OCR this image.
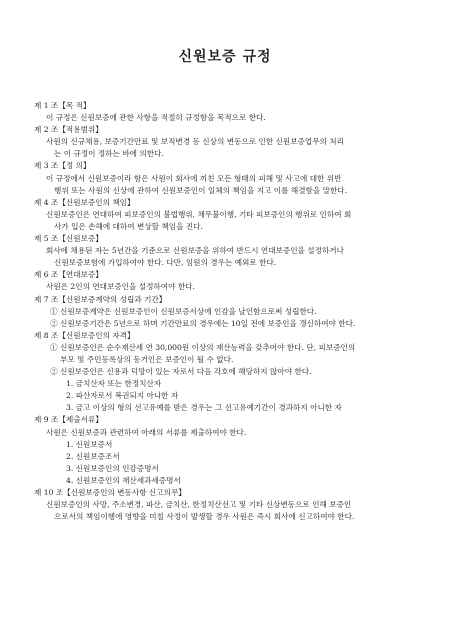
신원보증 규정
제 1 조【목 적】
이 규정은 신원보증에 관한 사항을 적절히 규정함을 목적으로 한다.
제 2 조【적용범위】
사원의 신규채용, 보증기간만료 및 보직변경 등 신상의 변동으로 인한 신원보증업무의 처리
는 이 규정이 정하는 바에 의한다.
제 3 조【정 의】
이 규정에서 신원보증이라 함은 사원이 회사에 끼친 모든 형태의 피해 및 사고에 대한 위반
행위 또는 사원의 신상에 관하여 신원보증인이 일체의 책임을 지고 이를 해결함을 말한다.
제 4 조【신원보증인의 책임】
신원보증인은 연대하여 피보증인의 불법행위, 채무불이행, 기타 피보증인의 행위로 인하여 회
사가 입은 손해에 대하여 변상할 책임을 진다.
제 5 조【신원보증】
회사에 채용된 자는 5년간을 기준으로 신원보증을 위하여 반드시 연대보증인을 설정하거나
신원보증보험에 가입하여야 한다. 다만, 임원의 경우는 예외로 한다.
제 6 조【연대보증】
사원은 2인의 연대보증인을 설정하여야 한다.
제 7 조【신원보증계약의 성립과 기간】
① 신원보증계약은 신원보증인이 신원보증서상에 인감을 날인함으로써 성립한다.
② 신원보증기간은 5년으로 하며 기간만료의 경우에는 10일 전에 보증인을 갱신하여야 한다.
제 8 조【신원보증인의 자격】
① 신원보증인은 순수재산세 연 30,000원 이상의 재산능력을 갖추어야 한다. 단, 피보증인의
부모 및 주민등록상의 동거인은 보증인이 될 수 없다.
② 신원보증인은 신용과 덕망이 있는 자로서 다음 각호에 해당하지 않아야 한다.
1. 금치산자 또는 한정치산자
2. 파산자로서 복권되지 아니한 자
3. 금고 이상의 형의 선고유예를 받은 경우는 그 선고유예기간이 경과하지 아니한 자
제 9 조【제출서류】
사원은 신원보증과 관련하여 아래의 서류를 제출하여야 한다.
1. 신원보증서
2. 신원보증조서
3. 신원보증인의 인감증명서
4. 신원보증인의 재산세과세증명서
제 10 조【신원보증인의 변동사항 신고의무】
신원보증인의 사망, 주소변경, 파산, 금치산, 한정치산선고 및 기타 신상변동으로 인해 보증인
으로서의 책임이행에 영향을 미칠 사정이 발생할 경우 사원은 즉시 회사에 신고하여야 한다.
